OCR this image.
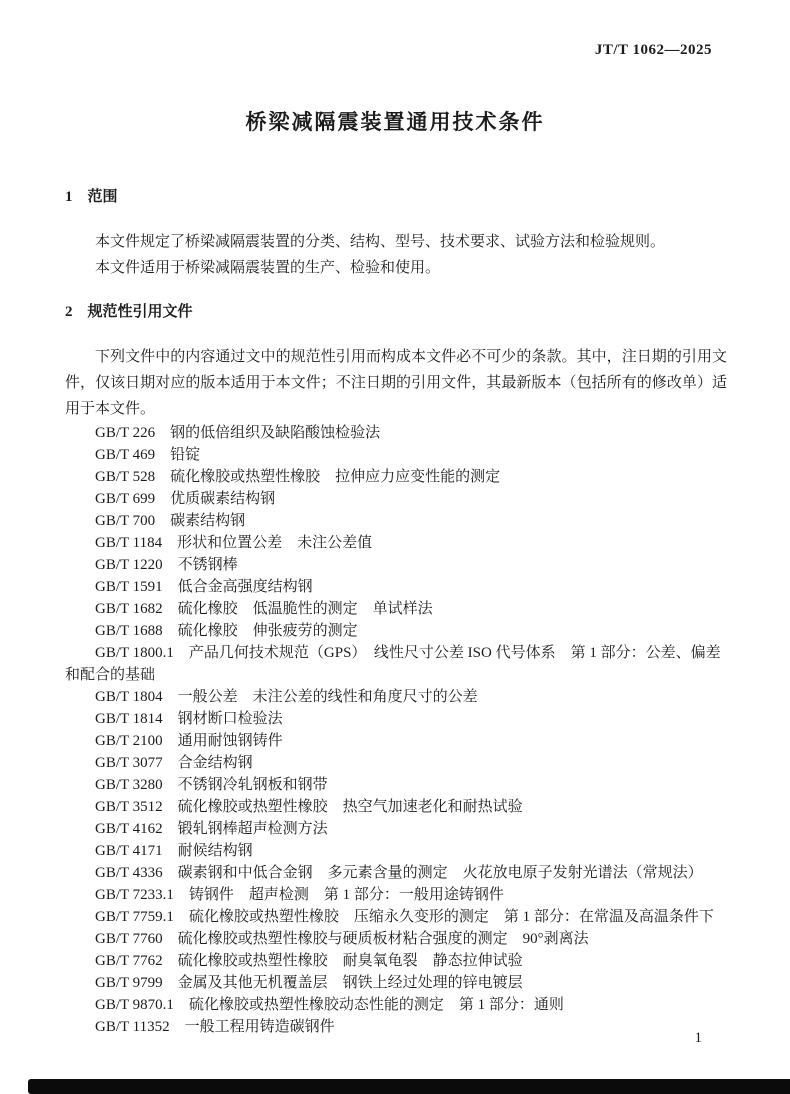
JT/T 1062—2025
桥梁减隔震装置通用技术条件
1　范围

本文件规定了桥梁减隔震装置的分类、结构、型号、技术要求、试验方法和检验规则。

本文件适用于桥梁减隔震装置的生产、检验和使用。

2　规范性引用文件

下列文件中的内容通过文中的规范性引用而构成本文件必不可少的条款。其中，注日期的引用文件，仅该日期对应的版本适用于本文件；不注日期的引用文件，其最新版本（包括所有的修改单）适用于本文件。

GB/T 226　钢的低倍组织及缺陷酸蚀检验法

GB/T 469　铅锭

GB/T 528　硫化橡胶或热塑性橡胶　拉伸应力应变性能的测定

GB/T 699　优质碳素结构钢

GB/T 700　碳素结构钢

GB/T 1184　形状和位置公差　未注公差值

GB/T 1220　不锈钢棒

GB/T 1591　低合金高强度结构钢

GB/T 1682　硫化橡胶　低温脆性的测定　单试样法

GB/T 1688　硫化橡胶　伸张疲劳的测定

GB/T 1800.1　产品几何技术规范（GPS）　线性尺寸公差 ISO 代号体系　第 1 部分：公差、偏差和配合的基础

GB/T 1804　一般公差　未注公差的线性和角度尺寸的公差

GB/T 1814　钢材断口检验法

GB/T 2100　通用耐蚀钢铸件

GB/T 3077　合金结构钢

GB/T 3280　不锈钢冷轧钢板和钢带

GB/T 3512　硫化橡胶或热塑性橡胶　热空气加速老化和耐热试验

GB/T 4162　锻轧钢棒超声检测方法

GB/T 4171　耐候结构钢

GB/T 4336　碳素钢和中低合金钢　多元素含量的测定　火花放电原子发射光谱法（常规法）

GB/T 7233.1　铸钢件　超声检测　第 1 部分：一般用途铸钢件

GB/T 7759.1　硫化橡胶或热塑性橡胶　压缩永久变形的测定　第 1 部分：在常温及高温条件下

GB/T 7760　硫化橡胶或热塑性橡胶与硬质板材粘合强度的测定　90°剥离法

GB/T 7762　硫化橡胶或热塑性橡胶　耐臭氧龟裂　静态拉伸试验

GB/T 9799　金属及其他无机覆盖层　钢铁上经过处理的锌电镀层

GB/T 9870.1　硫化橡胶或热塑性橡胶动态性能的测定　第 1 部分：通则

GB/T 11352　一般工程用铸造碳钢件

1
